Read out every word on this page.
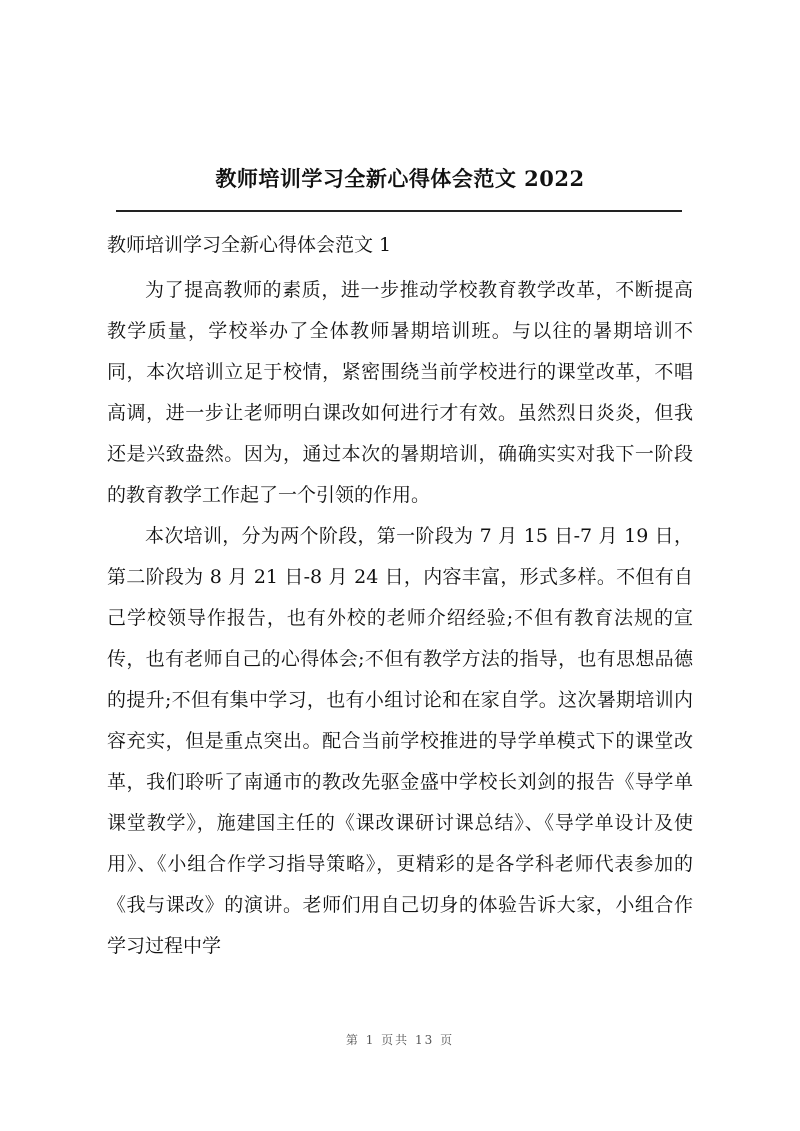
教师培训学习全新心得体会范文 2022
教师培训学习全新心得体会范文 1

为了提高教师的素质，进一步推动学校教育教学改革，不断提高教学质量，学校举办了全体教师暑期培训班。与以往的暑期培训不同，本次培训立足于校情，紧密围绕当前学校进行的课堂改革，不唱高调，进一步让老师明白课改如何进行才有效。虽然烈日炎炎，但我还是兴致盎然。因为，通过本次的暑期培训，确确实实对我下一阶段的教育教学工作起了一个引领的作用。

本次培训，分为两个阶段，第一阶段为 7 月 15 日-7 月 19 日，第二阶段为 8 月 21 日-8 月 24 日，内容丰富，形式多样。不但有自己学校领导作报告，也有外校的老师介绍经验;不但有教育法规的宣传，也有老师自己的心得体会;不但有教学方法的指导，也有思想品德的提升;不但有集中学习，也有小组讨论和在家自学。这次暑期培训内容充实，但是重点突出。配合当前学校推进的导学单模式下的课堂改革，我们聆听了南通市的教改先驱金盛中学校长刘剑的报告《导学单课堂教学》，施建国主任的《课改课研讨课总结》、《导学单设计及使用》、《小组合作学习指导策略》，更精彩的是各学科老师代表参加的《我与课改》的演讲。老师们用自己切身的体验告诉大家，小组合作学习过程中学

第 1 页共 13 页
